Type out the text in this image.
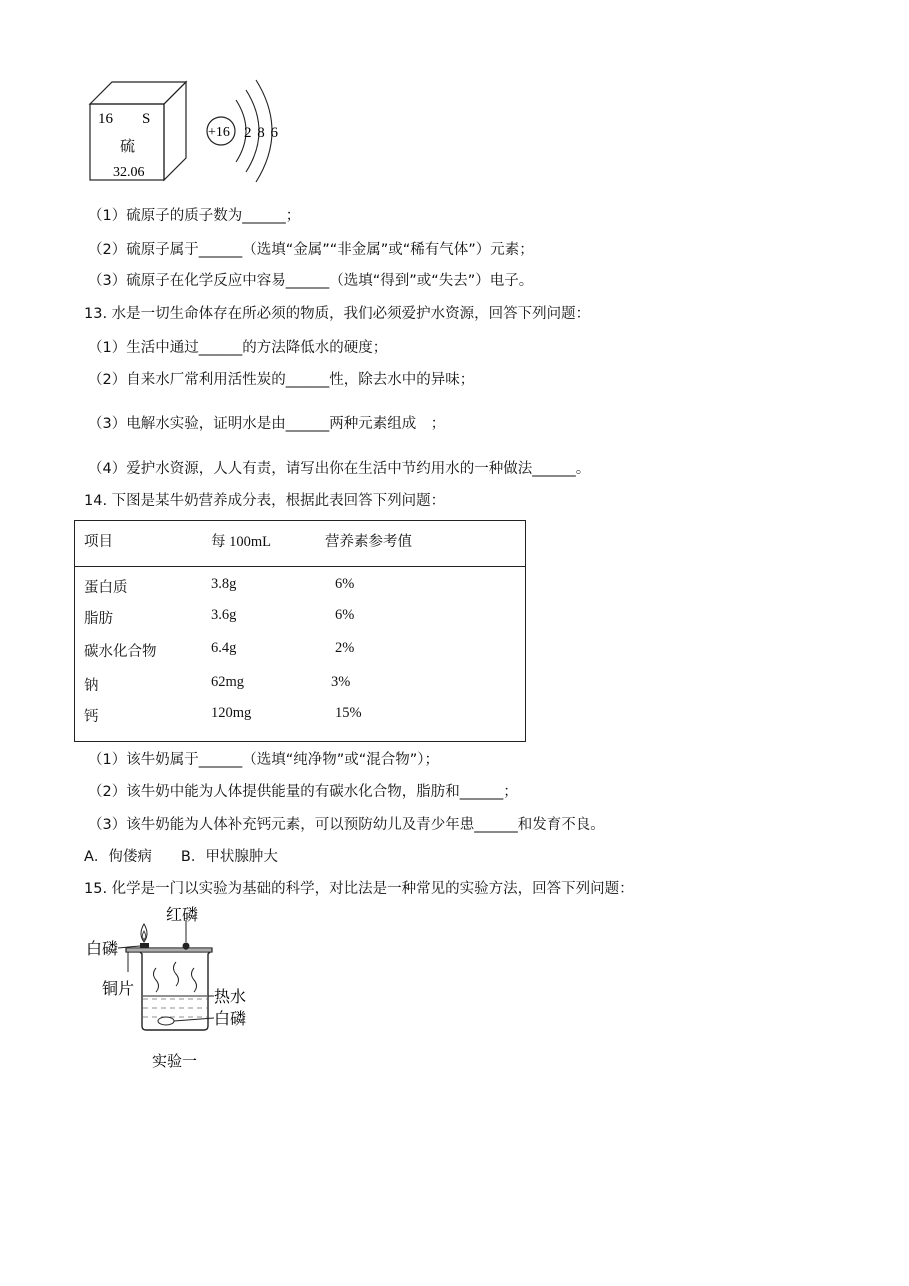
16 S
硫
32.06
+16 2 8 6
（1）硫原子的质子数为______；
（2）硫原子属于______（选填“金属”“非金属”或“稀有气体”）元素；
（3）硫原子在化学反应中容易______（选填“得到”或“失去”）电子。
13. 水是一切生命体存在所必须的物质，我们必须爱护水资源，回答下列问题：
（1）生活中通过______的方法降低水的硬度；
（2）自来水厂常利用活性炭的______性，除去水中的异味；
（3）电解水实验，证明水是由______两种元素组成　；
（4）爱护水资源，人人有责，请写出你在生活中节约用水的一种做法______。
14. 下图是某牛奶营养成分表，根据此表回答下列问题：
项目	每 100mL	营养素参考值
蛋白质	3.8g	6%
脂肪	3.6g	6%
碳水化合物	6.4g	2%
钠	62mg	3%
钙	120mg	15%
（1）该牛奶属于______（选填“纯净物”或“混合物”）；
（2）该牛奶中能为人体提供能量的有碳水化合物，脂肪和______；
（3）该牛奶能为人体补充钙元素，可以预防幼儿及青少年患______和发育不良。
A．佝偻病　　B．甲状腺肿大
15. 化学是一门以实验为基础的科学，对比法是一种常见的实验方法，回答下列问题：
红磷
白磷
铜片	热水
白磷
实验一
